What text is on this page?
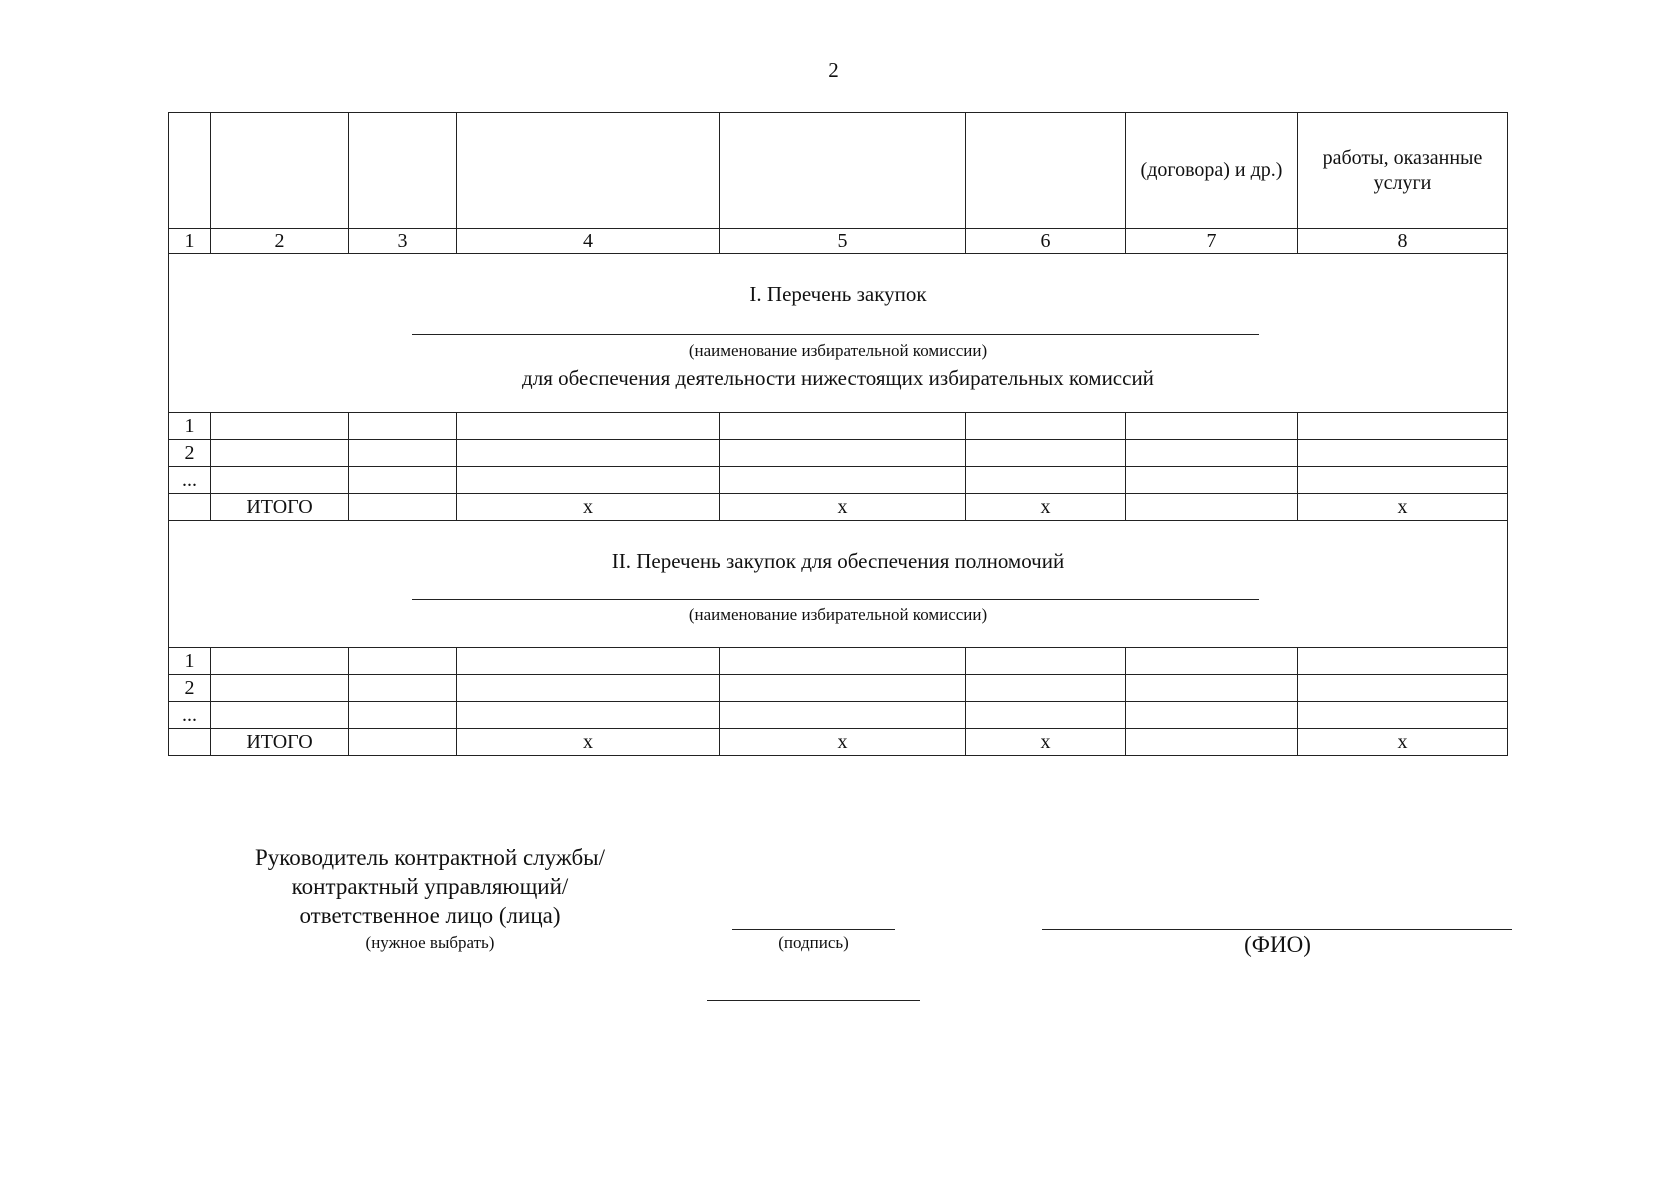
2
						(договора) и др.)	работы, оказанные услуги
1	2	3	4	5	6	7	8

I. Перечень закупок
(наименование избирательной комиссии)
для обеспечения деятельности нижестоящих избирательных комиссий							

1							
2							
...							
	ИТОГО		х	х	х		х

II. Перечень закупок для обеспечения полномочий
(наименование избирательной комиссии)							

1							
2							
...							
	ИТОГО		х	х	х		х
Руководитель контрактной службы/
контрактный управляющий/
ответственное лицо (лица)
(нужное выбрать)	(подпись)	(ФИО)
